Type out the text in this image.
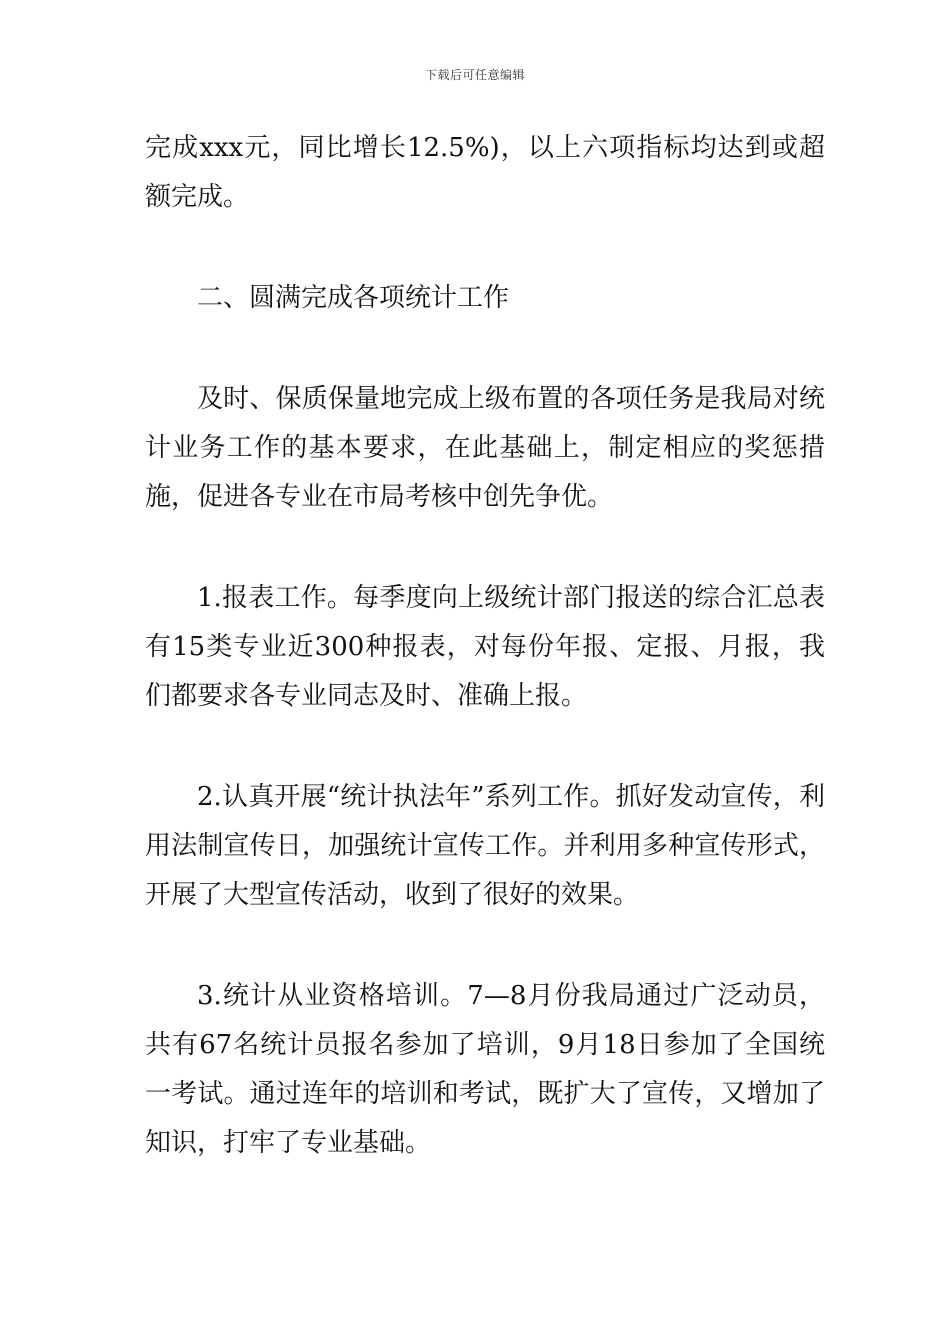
下载后可任意编辑

完成xxx元，同比增长12.5%)，以上六项指标均达到或超额完成。

二、圆满完成各项统计工作

及时、保质保量地完成上级布置的各项任务是我局对统计业务工作的基本要求，在此基础上，制定相应的奖惩措施，促进各专业在市局考核中创先争优。

1.报表工作。每季度向上级统计部门报送的综合汇总表有15类专业近300种报表，对每份年报、定报、月报，我们都要求各专业同志及时、准确上报。

2.认真开展“统计执法年”系列工作。抓好发动宣传，利用法制宣传日，加强统计宣传工作。并利用多种宣传形式，开展了大型宣传活动，收到了很好的效果。

3.统计从业资格培训。7—8月份我局通过广泛动员，共有67名统计员报名参加了培训，9月18日参加了全国统一考试。通过连年的培训和考试，既扩大了宣传，又增加了知识，打牢了专业基础。
